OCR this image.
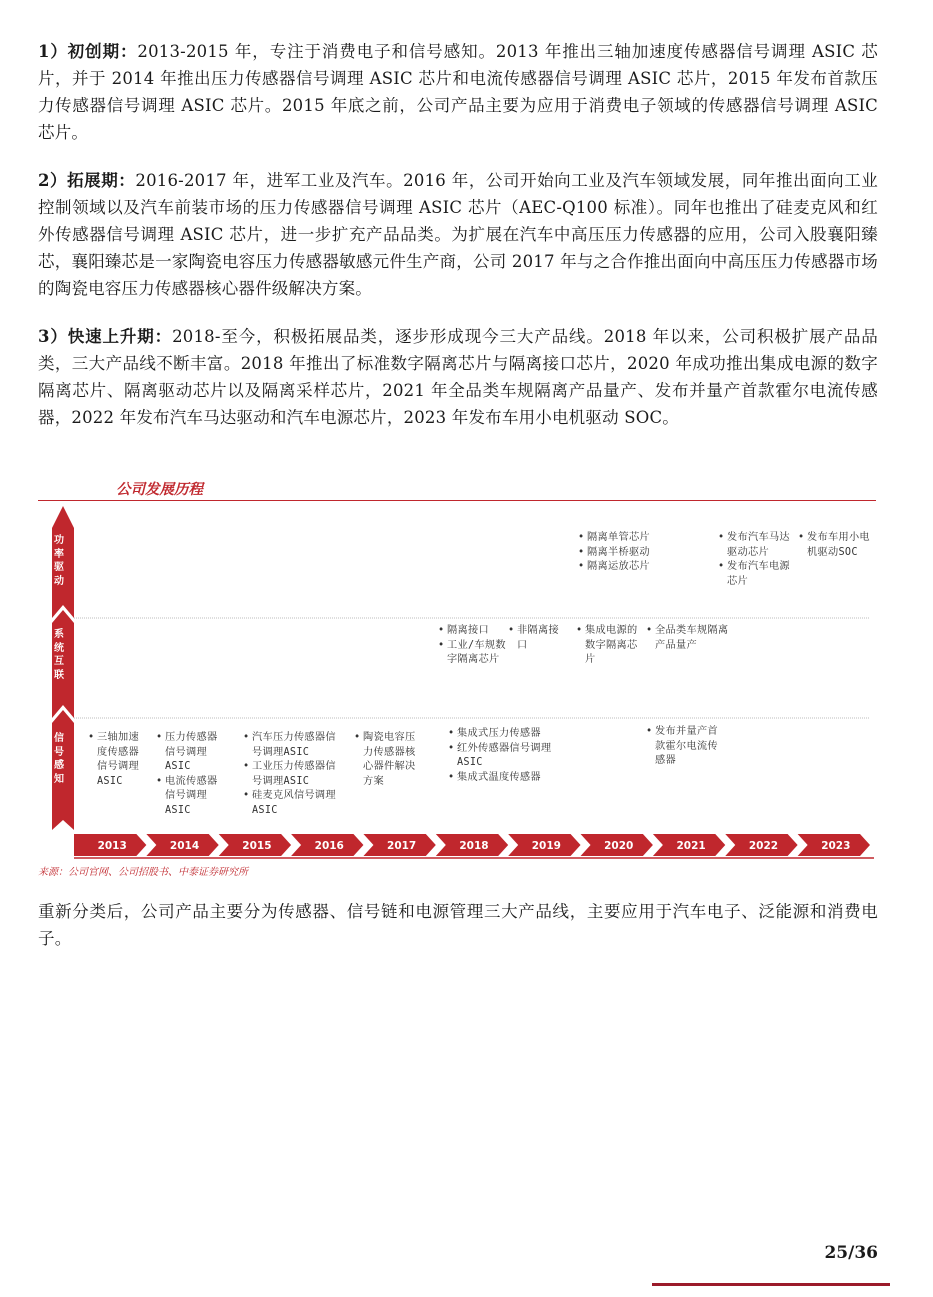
1）初创期：2013-2015 年，专注于消费电子和信号感知。2013 年推出三轴加速度传感器信号调理 ASIC 芯片，并于 2014 年推出压力传感器信号调理 ASIC 芯片和电流传感器信号调理 ASIC 芯片，2015 年发布首款压力传感器信号调理 ASIC 芯片。2015 年底之前，公司产品主要为应用于消费电子领域的传感器信号调理 ASIC 芯片。

2）拓展期：2016-2017 年，进军工业及汽车。2016 年，公司开始向工业及汽车领域发展，同年推出面向工业控制领域以及汽车前装市场的压力传感器信号调理 ASIC 芯片（AEC-Q100 标准）。同年也推出了硅麦克风和红外传感器信号调理 ASIC 芯片，进一步扩充产品品类。为扩展在汽车中高压压力传感器的应用，公司入股襄阳臻芯，襄阳臻芯是一家陶瓷电容压力传感器敏感元件生产商，公司 2017 年与之合作推出面向中高压压力传感器市场的陶瓷电容压力传感器核心器件级解决方案。

3）快速上升期：2018-至今，积极拓展品类，逐步形成现今三大产品线。2018 年以来，公司积极扩展产品品类，三大产品线不断丰富。2018 年推出了标准数字隔离芯片与隔离接口芯片，2020 年成功推出集成电源的数字隔离芯片、隔离驱动芯片以及隔离采样芯片，2021 年全品类车规隔离产品量产、发布并量产首款霍尔电流传感器，2022 年发布汽车马达驱动和汽车电源芯片，2023 年发布车用小电机驱动 SOC。

公司发展历程
2013	2014	2015	2016	2017	2018	2019	2020	2021	2022	2023
功率驱动
系统互联
信号感知
• 隔离单管芯片
• 隔离半桥驱动
• 隔离运放芯片
• 发布汽车马达驱动芯片
• 发布汽车电源芯片
• 发布车用小电机驱动SOC
• 隔离接口
• 工业/车规数字隔离芯片
• 非隔离接口
• 集成电源的数字隔离芯片
• 全品类车规隔离产品量产
• 三轴加速度传感器信号调理ASIC
• 压力传感器信号调理ASIC
• 电流传感器信号调理ASIC
• 汽车压力传感器信号调理ASIC
• 工业压力传感器信号调理ASIC
• 硅麦克风信号调理ASIC
• 陶瓷电容压力传感器核心器件解决方案
• 集成式压力传感器
• 红外传感器信号调理ASIC
• 集成式温度传感器
• 发布并量产首款霍尔电流传感器
来源：公司官网、公司招股书、中泰证券研究所

重新分类后，公司产品主要分为传感器、信号链和电源管理三大产品线，主要应用于汽车电子、泛能源和消费电子。

25/36
